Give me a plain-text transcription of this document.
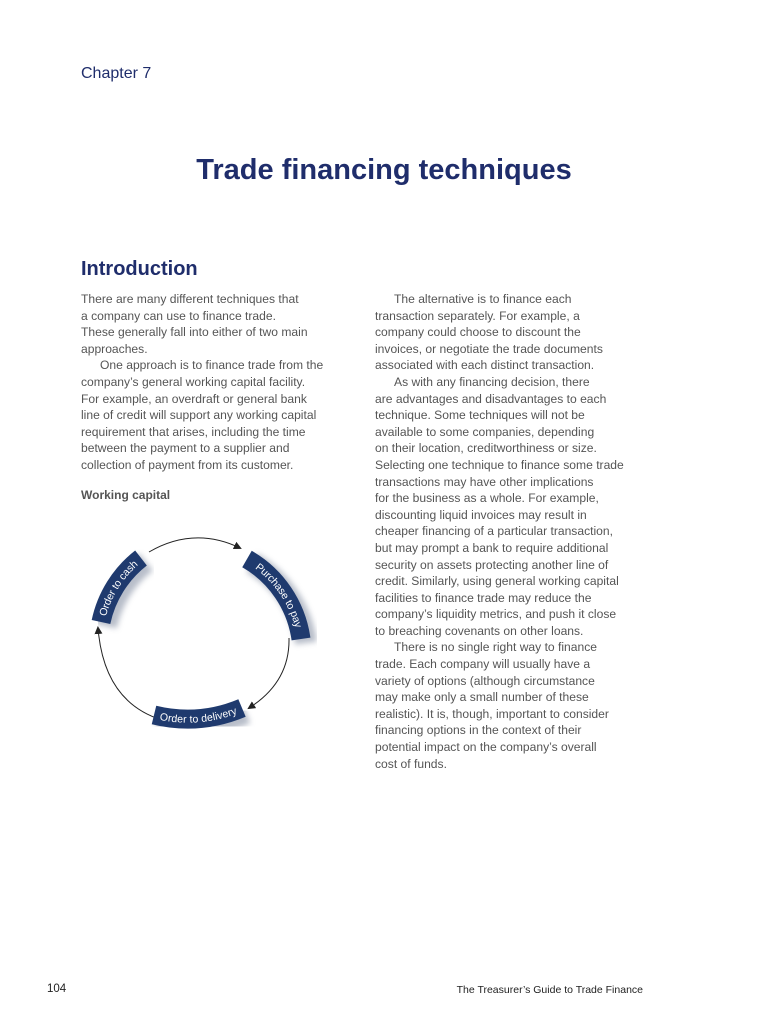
Chapter 7
Trade financing techniques
Introduction

There are many different techniques that

a company can use to finance trade.

These generally fall into either of two main

approaches.

One approach is to finance trade from the

company’s general working capital facility.

For example, an overdraft or general bank

line of credit will support any working capital

requirement that arises, including the time

between the payment to a supplier and

collection of payment from its customer.

Working capital
Order to cash	Purchase to pay
Order to delivery

The alternative is to finance each

transaction separately. For example, a

company could choose to discount the

invoices, or negotiate the trade documents

associated with each distinct transaction.

As with any financing decision, there

are advantages and disadvantages to each

technique. Some techniques will not be

available to some companies, depending

on their location, creditworthiness or size.

Selecting one technique to finance some trade

transactions may have other implications

for the business as a whole. For example,

discounting liquid invoices may result in

cheaper financing of a particular transaction,

but may prompt a bank to require additional

security on assets protecting another line of

credit. Similarly, using general working capital

facilities to finance trade may reduce the

company’s liquidity metrics, and push it close

to breaching covenants on other loans.

There is no single right way to finance

trade. Each company will usually have a

variety of options (although circumstance

may make only a small number of these

realistic). It is, though, important to consider

financing options in the context of their

potential impact on the company’s overall

cost of funds.

104	The Treasurer’s Guide to Trade Finance
